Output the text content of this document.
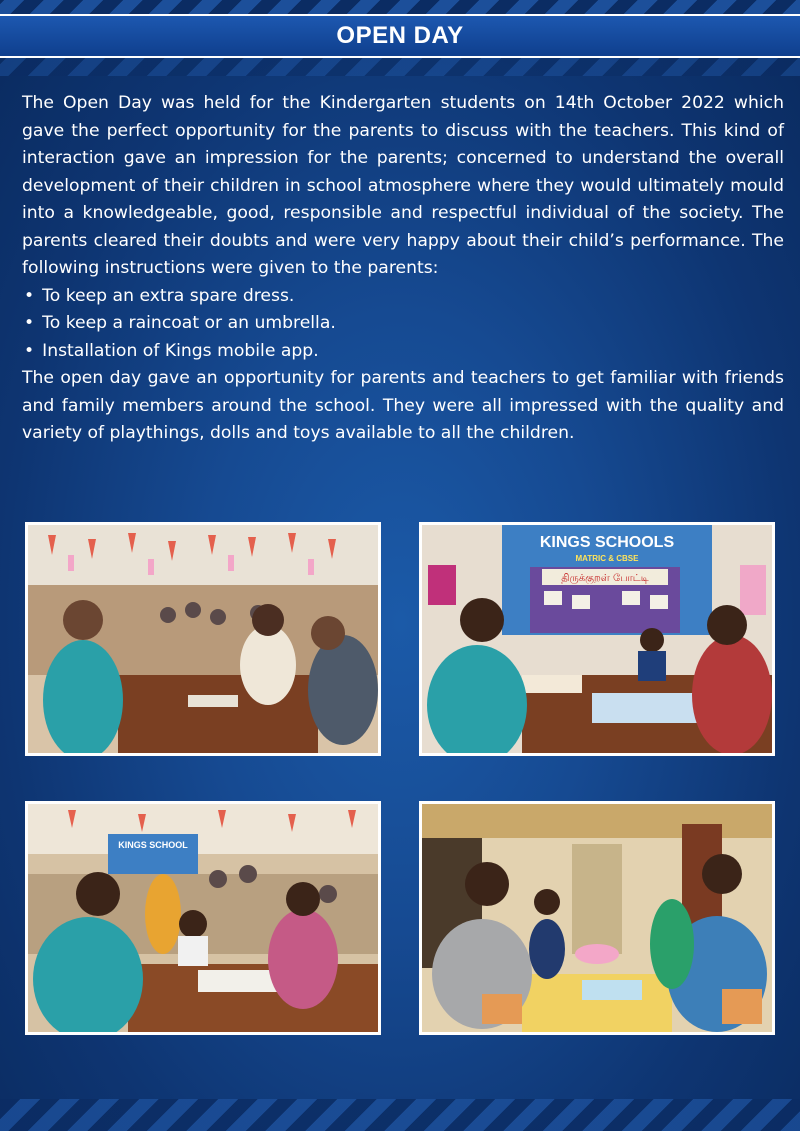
OPEN DAY

The Open Day was held for the Kindergarten students on 14th October 2022 which gave the perfect opportunity for the parents to discuss with the teachers. This kind of interaction gave an impression for the parents; concerned to understand the overall development of their children in school atmosphere where they would ultimately mould into a knowledgeable, good, responsible and respectful individual of the society. The parents cleared their doubts and were very happy about their child’s performance. The following instructions were given to the parents:

• To keep an extra spare dress.
• To keep a raincoat or an umbrella.
• Installation of Kings mobile app.

The open day gave an opportunity for parents and teachers to get familiar with friends and family members around the school. They were all impressed with the quality and variety of playthings, dolls and toys available to all the children.

KINGS SCHOOLS
MATRIC & CBSE
திருக்குறள் போட்டி
KINGS SCHOOL
